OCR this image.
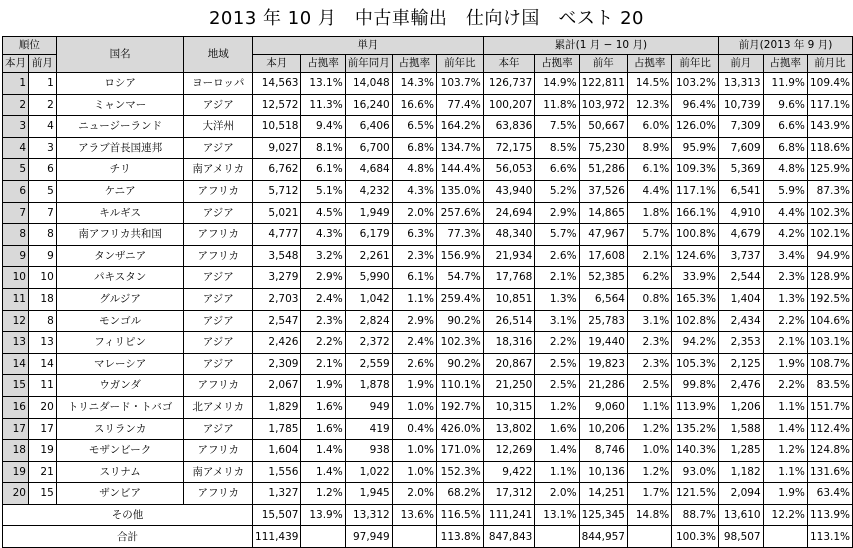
2013 年 10 月　中古車輸出　仕向け国　ベスト 20
順位		国名	地域	単月					累計(1 月 − 10 月)					前月(2013 年 9 月)		
本月	前月			本月	占拠率	前年同月	占拠率	前年比	本年	占拠率	前年	占拠率	前年比	前月	占拠率	前月比
1	1	ロシア	ヨーロッパ	14,563	13.1%	14,048	14.3%	103.7%	126,737	14.9%	122,811	14.5%	103.2%	13,313	11.9%	109.4%
2	2	ミャンマー	アジア	12,572	11.3%	16,240	16.6%	77.4%	100,207	11.8%	103,972	12.3%	96.4%	10,739	9.6%	117.1%
3	4	ニュージーランド	大洋州	10,518	9.4%	6,406	6.5%	164.2%	63,836	7.5%	50,667	6.0%	126.0%	7,309	6.6%	143.9%
4	3	アラブ首長国連邦	アジア	9,027	8.1%	6,700	6.8%	134.7%	72,175	8.5%	75,230	8.9%	95.9%	7,609	6.8%	118.6%
5	6	チリ	南アメリカ	6,762	6.1%	4,684	4.8%	144.4%	56,053	6.6%	51,286	6.1%	109.3%	5,369	4.8%	125.9%
6	5	ケニア	アフリカ	5,712	5.1%	4,232	4.3%	135.0%	43,940	5.2%	37,526	4.4%	117.1%	6,541	5.9%	87.3%
7	7	キルギス	アジア	5,021	4.5%	1,949	2.0%	257.6%	24,694	2.9%	14,865	1.8%	166.1%	4,910	4.4%	102.3%
8	8	南アフリカ共和国	アフリカ	4,777	4.3%	6,179	6.3%	77.3%	48,340	5.7%	47,967	5.7%	100.8%	4,679	4.2%	102.1%
9	9	タンザニア	アフリカ	3,548	3.2%	2,261	2.3%	156.9%	21,934	2.6%	17,608	2.1%	124.6%	3,737	3.4%	94.9%
10	10	パキスタン	アジア	3,279	2.9%	5,990	6.1%	54.7%	17,768	2.1%	52,385	6.2%	33.9%	2,544	2.3%	128.9%
11	18	グルジア	アジア	2,703	2.4%	1,042	1.1%	259.4%	10,851	1.3%	6,564	0.8%	165.3%	1,404	1.3%	192.5%
12	8	モンゴル	アジア	2,547	2.3%	2,824	2.9%	90.2%	26,514	3.1%	25,783	3.1%	102.8%	2,434	2.2%	104.6%
13	13	フィリピン	アジア	2,426	2.2%	2,372	2.4%	102.3%	18,316	2.2%	19,440	2.3%	94.2%	2,353	2.1%	103.1%
14	14	マレーシア	アジア	2,309	2.1%	2,559	2.6%	90.2%	20,867	2.5%	19,823	2.3%	105.3%	2,125	1.9%	108.7%
15	11	ウガンダ	アフリカ	2,067	1.9%	1,878	1.9%	110.1%	21,250	2.5%	21,286	2.5%	99.8%	2,476	2.2%	83.5%
16	20	トリニダード・トバゴ	北アメリカ	1,829	1.6%	949	1.0%	192.7%	10,315	1.2%	9,060	1.1%	113.9%	1,206	1.1%	151.7%
17	17	スリランカ	アジア	1,785	1.6%	419	0.4%	426.0%	13,802	1.6%	10,206	1.2%	135.2%	1,588	1.4%	112.4%
18	19	モザンビーク	アフリカ	1,604	1.4%	938	1.0%	171.0%	12,269	1.4%	8,746	1.0%	140.3%	1,285	1.2%	124.8%
19	21	スリナム	南アメリカ	1,556	1.4%	1,022	1.0%	152.3%	9,422	1.1%	10,136	1.2%	93.0%	1,182	1.1%	131.6%
20	15	ザンビア	アフリカ	1,327	1.2%	1,945	2.0%	68.2%	17,312	2.0%	14,251	1.7%	121.5%	2,094	1.9%	63.4%
その他				15,507	13.9%	13,312	13.6%	116.5%	111,241	13.1%	125,345	14.8%	88.7%	13,610	12.2%	113.9%
合計				111,439		97,949		113.8%	847,843		844,957		100.3%	98,507		113.1%
